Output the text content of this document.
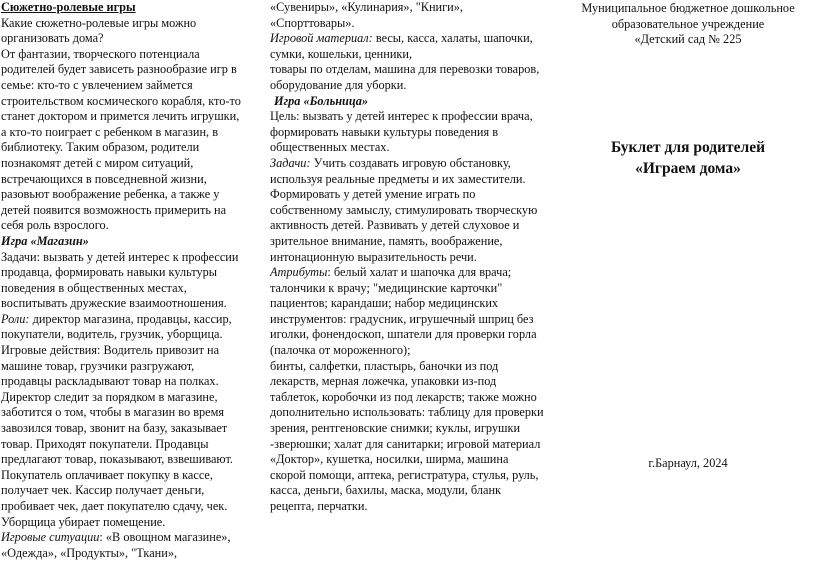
Сюжетно-ролевые игры

Какие сюжетно-ролевые игры можно организовать дома?

От фантазии, творческого потенциала родителей будет зависеть разнообразие игр в семье: кто-то с увлечением займется строительством космического корабля, кто-то станет доктором и примется лечить игрушки, а кто-то поиграет с ребенком в магазин, в библиотеку. Таким образом, родители познакомят детей с миром ситуаций, встречающихся в повседневной жизни, разовьют воображение ребенка, а также у детей появится возможность примерить на себя роль взрослого.

Игра «Магазин»

Задачи: вызвать у детей интерес к профессии продавца, формировать навыки культуры поведения в общественных местах, воспитывать дружеские взаимоотношения.

Роли: директор магазина, продавцы, кассир, покупатели, водитель, грузчик, уборщица.

Игровые действия: Водитель привозит на машине товар, грузчики разгружают, продавцы раскладывают товар на полках. Директор следит за порядком в магазине, заботится о том, чтобы в магазин во время завозился товар, звонит на базу, заказывает товар. Приходят покупатели. Продавцы предлагают товар, показывают, взвешивают. Покупатель оплачивает покупку в кассе, получает чек. Кассир получает деньги, пробивает чек, дает покупателю сдачу, чек. Уборщица убирает помещение.

Игровые ситуации: «В овощном магазине», «Одежда», «Продукты», "Ткани»,

«Сувениры», «Кулинария», "Книги», «Спорттовары».

Игровой материал: весы, касса, халаты, шапочки, сумки, кошельки, ценники,

товары по отделам, машина для перевозки товаров, оборудование для уборки.

Игра «Больница»

Цель: вызвать у детей интерес к профессии врача, формировать навыки культуры поведения в общественных местах.

Задачи: Учить создавать игровую обстановку, используя реальные предметы и их заместители. Формировать у детей умение играть по собственному замыслу, стимулировать творческую активность детей. Развивать у детей слуховое и зрительное внимание, память, воображение, интонационную выразительность речи.

Атрибуты: белый халат и шапочка для врача; талончики к врачу; "медицинские карточки" пациентов; карандаши; набор медицинских инструментов: градусник, игрушечный шприц без иголки, фонендоскоп, шпатели для проверки горла (палочка от мороженного);

бинты, салфетки, пластырь, баночки из под лекарств, мерная ложечка, упаковки из-под таблеток, коробочки из под лекарств; также можно дополнительно использовать: таблицу для проверки зрения, рентгеновские снимки; куклы, игрушки -зверюшки; халат для санитарки; игровой материал «Доктор», кушетка, носилки, ширма, машина скорой помощи, аптека, регистратура, стулья, руль, касса, деньги, бахилы, маска, модули, бланк рецепта, перчатки.

Муниципальное бюджетное дошкольное
образовательное учреждение
«Детский сад № 225
Буклет для родителей
«Играем дома»
г.Барнаул, 2024
